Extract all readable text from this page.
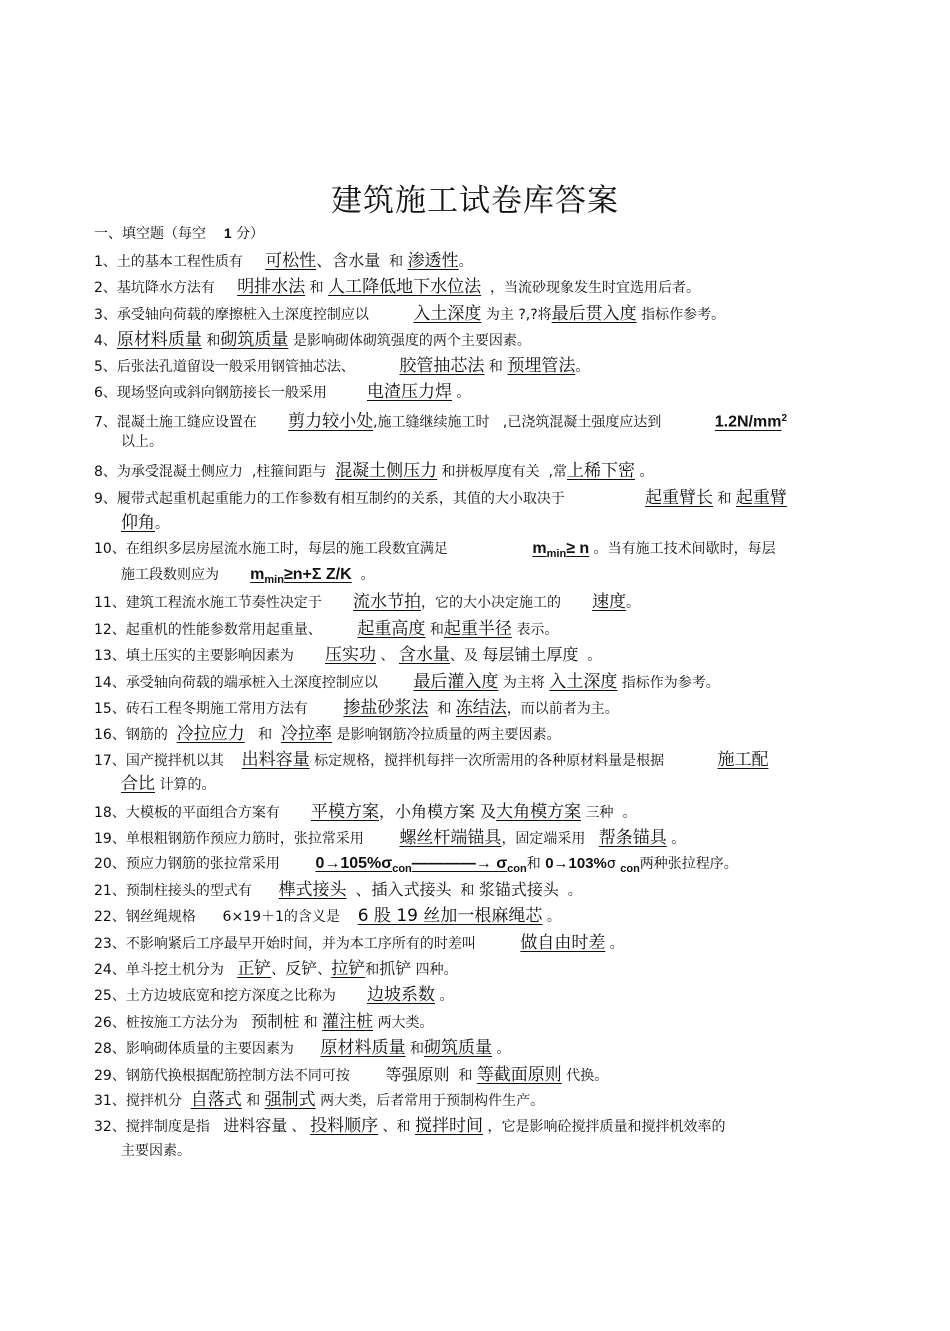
建筑施工试卷库答案
一、填空题（每空 1 分）
1、土的基本工程性质有 可松性、含水量 和 渗透性。
2、基坑降水方法有 明排水法 和 人工降低地下水位法 ，当流砂现象发生时宜选用后者。
3、承受轴向荷载的摩擦桩入土深度控制应以	入土深度 为主 ?,?将最后贯入度 指标作参考。
4、原材料质量 和砌筑质量 是影响砌体砌筑强度的两个主要因素。
5、后张法孔道留设一般采用钢管抽芯法、	胶管抽芯法 和 预埋管法。
6、现场竖向或斜向钢筋接长一般采用 电渣压力焊 。
7、混凝土施工缝应设置在 剪力较小处,施工缝继续施工时 ,已浇筑混凝土强度应达到	$1.2N/mm^2$
以上。
8、为承受混凝土侧应力 ,柱箍间距与 混凝土侧压力 和拼板厚度有关 ,常上稀下密 。
9、履带式起重机起重能力的工作参数有相互制约的关系，其值的大小取决于	起重臂长 和 起重臂
仰角。
10、在组织多层房屋流水施工时，每层的施工段数宜满足	$m_{min}\ge n$ 。当有施工技术间歇时，每层
施工段数则应为 $m_{min}\ge n+\Sigma$ Z/K 。
11、建筑工程流水施工节奏性决定于 流水节拍，它的大小决定施工的 速度。
12、起重机的性能参数常用起重量、 起重高度 和起重半径 表示。
13、填土压实的主要影响因素为 压实功 、 含水量、及 每层铺土厚度 。
14、承受轴向荷载的端承桩入土深度控制应以 最后灌入度 为主将 入土深度 指标作为参考。
15、砖石工程冬期施工常用方法有 掺盐砂浆法 和 冻结法，而以前者为主。
16、钢筋的 冷拉应力 和 冷拉率 是影响钢筋冷拉质量的两主要因素。
17、国产搅拌机以其 出料容量 标定规格，搅拌机每拌一次所需用的各种原材料量是根据	施工配
合比 计算的。
18、大模板的平面组合方案有 平模方案，小角模方案 及大角模方案 三种 。
19、单根粗钢筋作预应力筋时，张拉常采用 螺丝杆端锚具，固定端采用 帮条锚具 。
20、预应力钢筋的张拉常采用 $0\to 105\%\sigma_{con}————\to \sigma_{con}$和 0→103%σ $_{con}$两种张拉程序。
21、预制柱接头的型式有 榫式接头 、插入式接头 和 浆锚式接头 。
22、钢丝绳规格 6×19＋1的含义是 6 股 19 丝加一根麻绳芯 。
23、不影响紧后工序最早开始时间，并为本工序所有的时差叫	做自由时差 。
24、单斗挖土机分为 正铲、反铲、拉铲和抓铲 四种。
25、土方边坡底宽和挖方深度之比称为 边坡系数 。
26、桩按施工方法分为 预制桩 和 灌注桩 两大类。
28、影响砌体质量的主要因素为 原材料质量 和砌筑质量 。
29、钢筋代换根据配筋控制方法不同可按 等强原则 和 等截面原则 代换。
31、搅拌机分 自落式 和 强制式 两大类，后者常用于预制构件生产。
32、搅拌制度是指 进料容量 、 投料顺序 、和 搅拌时间 ，它是影响砼搅拌质量和搅拌机效率的
主要因素。
